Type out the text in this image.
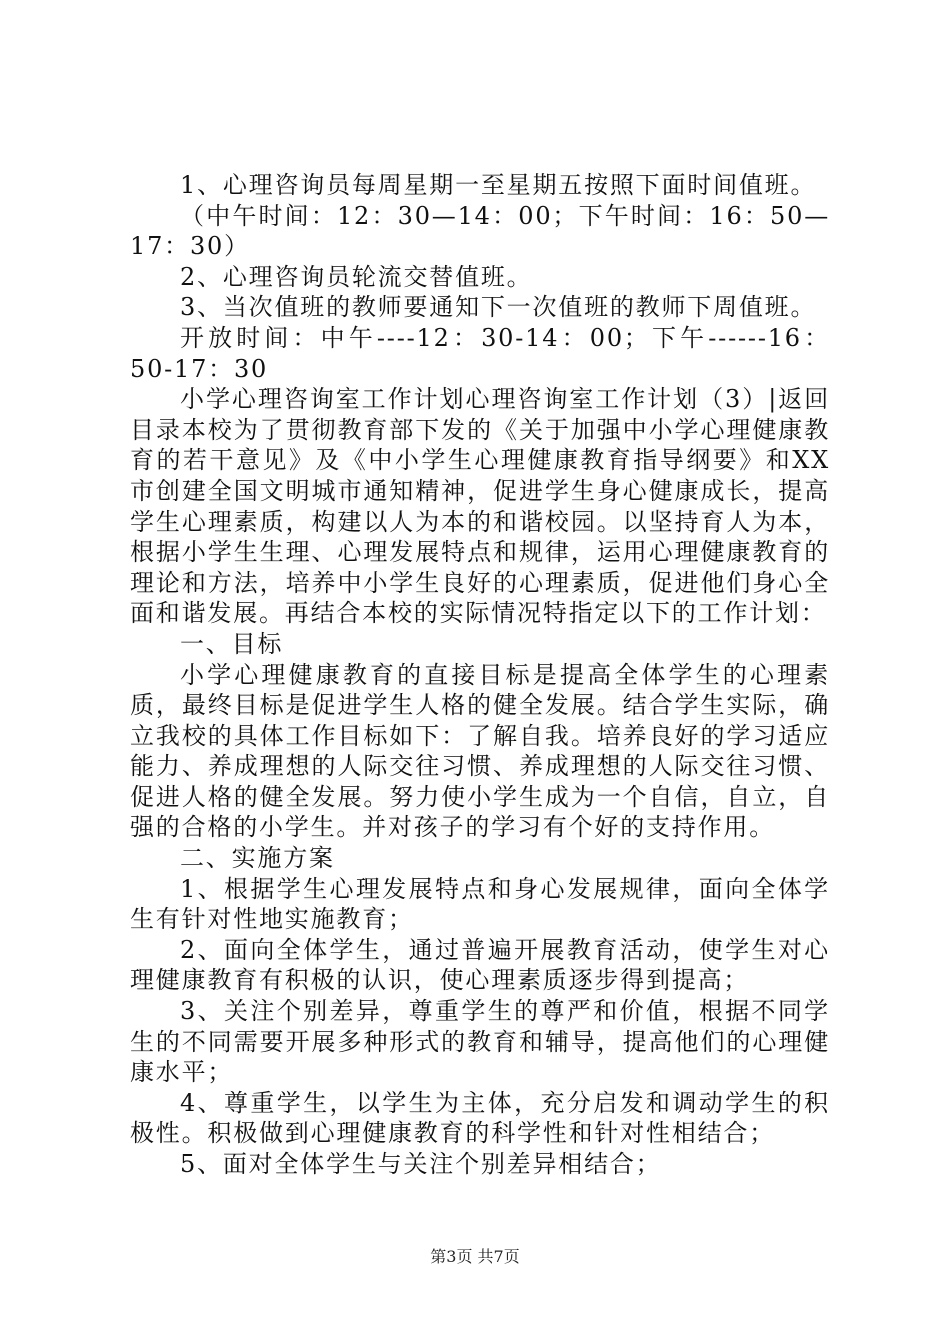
1、心理咨询员每周星期一至星期五按照下面时间值班。

（中午时间：12：30—14：00；下午时间：16：50—17：30）

2、心理咨询员轮流交替值班。

3、当次值班的教师要通知下一次值班的教师下周值班。

开放时间：中午----12：30-14：00；下午------16：50-17：30

小学心理咨询室工作计划心理咨询室工作计划（3）|返回目录本校为了贯彻教育部下发的《关于加强中小学心理健康教育的若干意见》及《中小学生心理健康教育指导纲要》和XX市创建全国文明城市通知精神，促进学生身心健康成长，提高学生心理素质，构建以人为本的和谐校园。以坚持育人为本，根据小学生生理、心理发展特点和规律，运用心理健康教育的理论和方法，培养中小学生良好的心理素质，促进他们身心全面和谐发展。再结合本校的实际情况特指定以下的工作计划：

一、目标

小学心理健康教育的直接目标是提高全体学生的心理素质，最终目标是促进学生人格的健全发展。结合学生实际，确立我校的具体工作目标如下：了解自我。培养良好的学习适应能力、养成理想的人际交往习惯、养成理想的人际交往习惯、促进人格的健全发展。努力使小学生成为一个自信，自立，自强的合格的小学生。并对孩子的学习有个好的支持作用。

二、实施方案

1、根据学生心理发展特点和身心发展规律，面向全体学生有针对性地实施教育；

2、面向全体学生，通过普遍开展教育活动，使学生对心理健康教育有积极的认识，使心理素质逐步得到提高；

3、关注个别差异，尊重学生的尊严和价值，根据不同学生的不同需要开展多种形式的教育和辅导，提高他们的心理健康水平；

4、尊重学生，以学生为主体，充分启发和调动学生的积极性。积极做到心理健康教育的科学性和针对性相结合；

5、面对全体学生与关注个别差异相结合；

第3页 共7页
